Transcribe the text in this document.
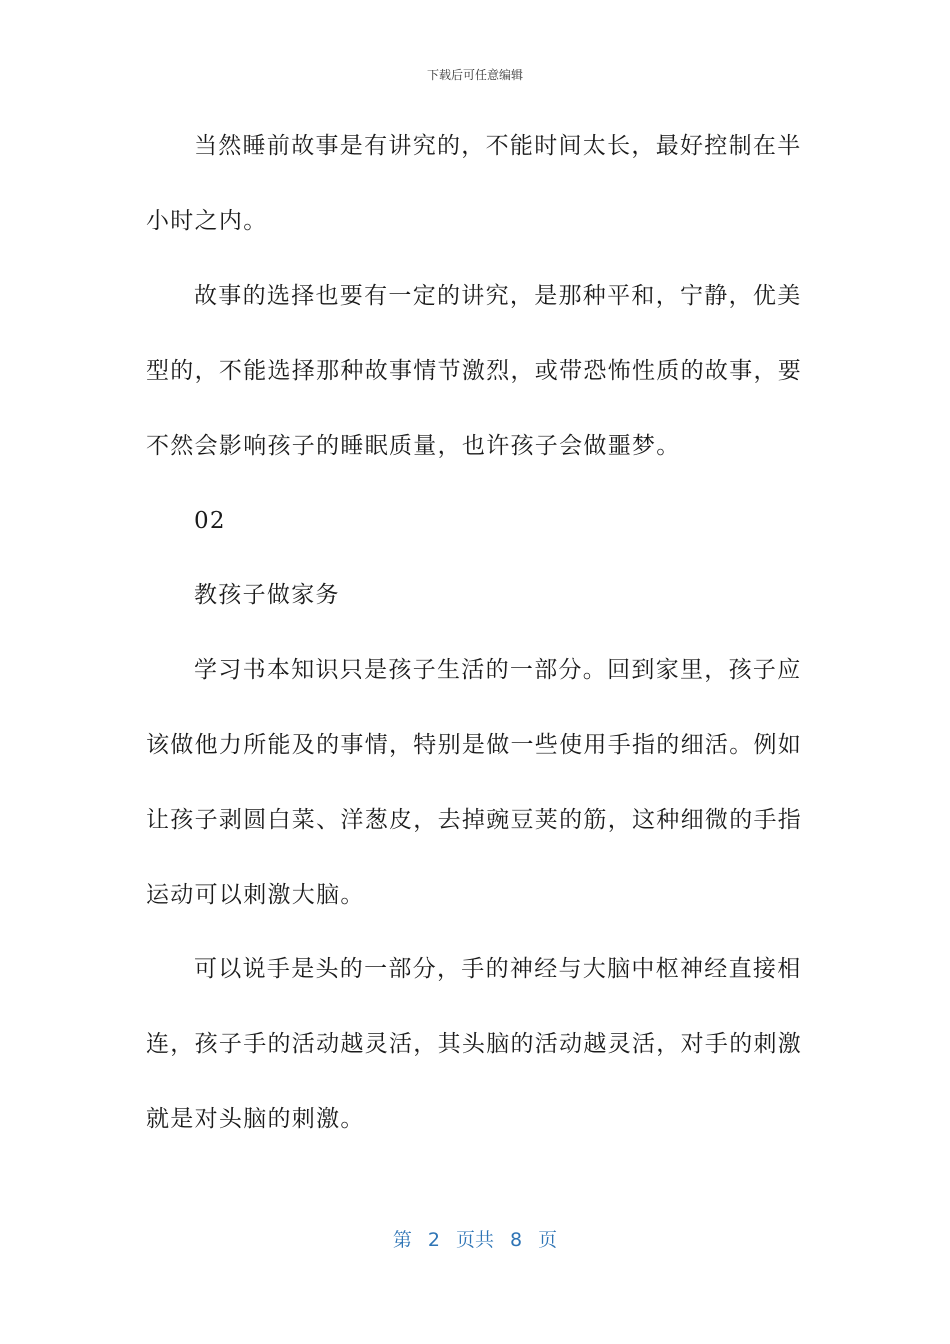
下载后可任意编辑
当然睡前故事是有讲究的，不能时间太长，最好控制在半
小时之内。
故事的选择也要有一定的讲究，是那种平和，宁静，优美
型的，不能选择那种故事情节激烈，或带恐怖性质的故事，要
不然会影响孩子的睡眠质量，也许孩子会做噩梦。
02
教孩子做家务
学习书本知识只是孩子生活的一部分。回到家里，孩子应
该做他力所能及的事情，特别是做一些使用手指的细活。例如
让孩子剥圆白菜、洋葱皮，去掉豌豆荚的筋，这种细微的手指
运动可以刺激大脑。
可以说手是头的一部分，手的神经与大脑中枢神经直接相
连，孩子手的活动越灵活，其头脑的活动越灵活，对手的刺激
就是对头脑的刺激。
第 2 页共 8 页
